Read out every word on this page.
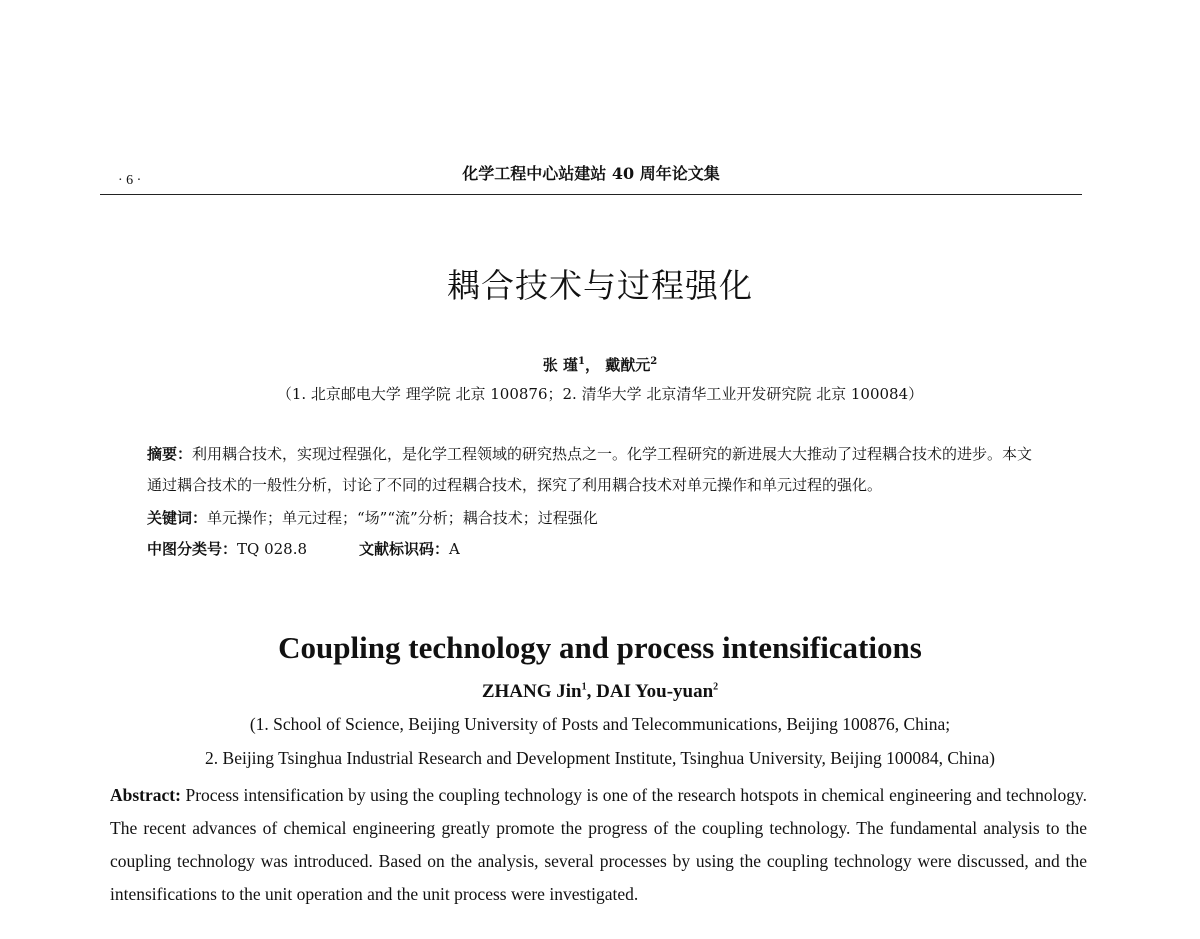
· 6 ·	化学工程中心站建站 40 周年论文集
耦合技术与过程强化
张 瑾$^1$， 戴猷元$^2$
（1. 北京邮电大学 理学院 北京 100876；2. 清华大学 北京清华工业开发研究院 北京 100084）
摘要：利用耦合技术，实现过程强化，是化学工程领域的研究热点之一。化学工程研究的新进展大大推动了过程耦合技术的进步。本文通过耦合技术的一般性分析，讨论了不同的过程耦合技术，探究了利用耦合技术对单元操作和单元过程的强化。
关键词：单元操作；单元过程；“场”“流”分析；耦合技术；过程强化
中图分类号：TQ 028.8	文献标识码：A
Coupling technology and process intensifications
ZHANG Jin$^1$, DAI You-yuan$^2$
(1. School of Science, Beijing University of Posts and Telecommunications, Beijing 100876, China;
2. Beijing Tsinghua Industrial Research and Development Institute, Tsinghua University, Beijing 100084, China)
Abstract: Process intensification by using the coupling technology is one of the research hotspots in chemical engineering and technology. The recent advances of chemical engineering greatly promote the progress of the coupling technology. The fundamental analysis to the coupling technology was introduced. Based on the analysis, several processes by using the coupling technology were discussed, and the intensifications to the unit operation and the unit process were investigated.
